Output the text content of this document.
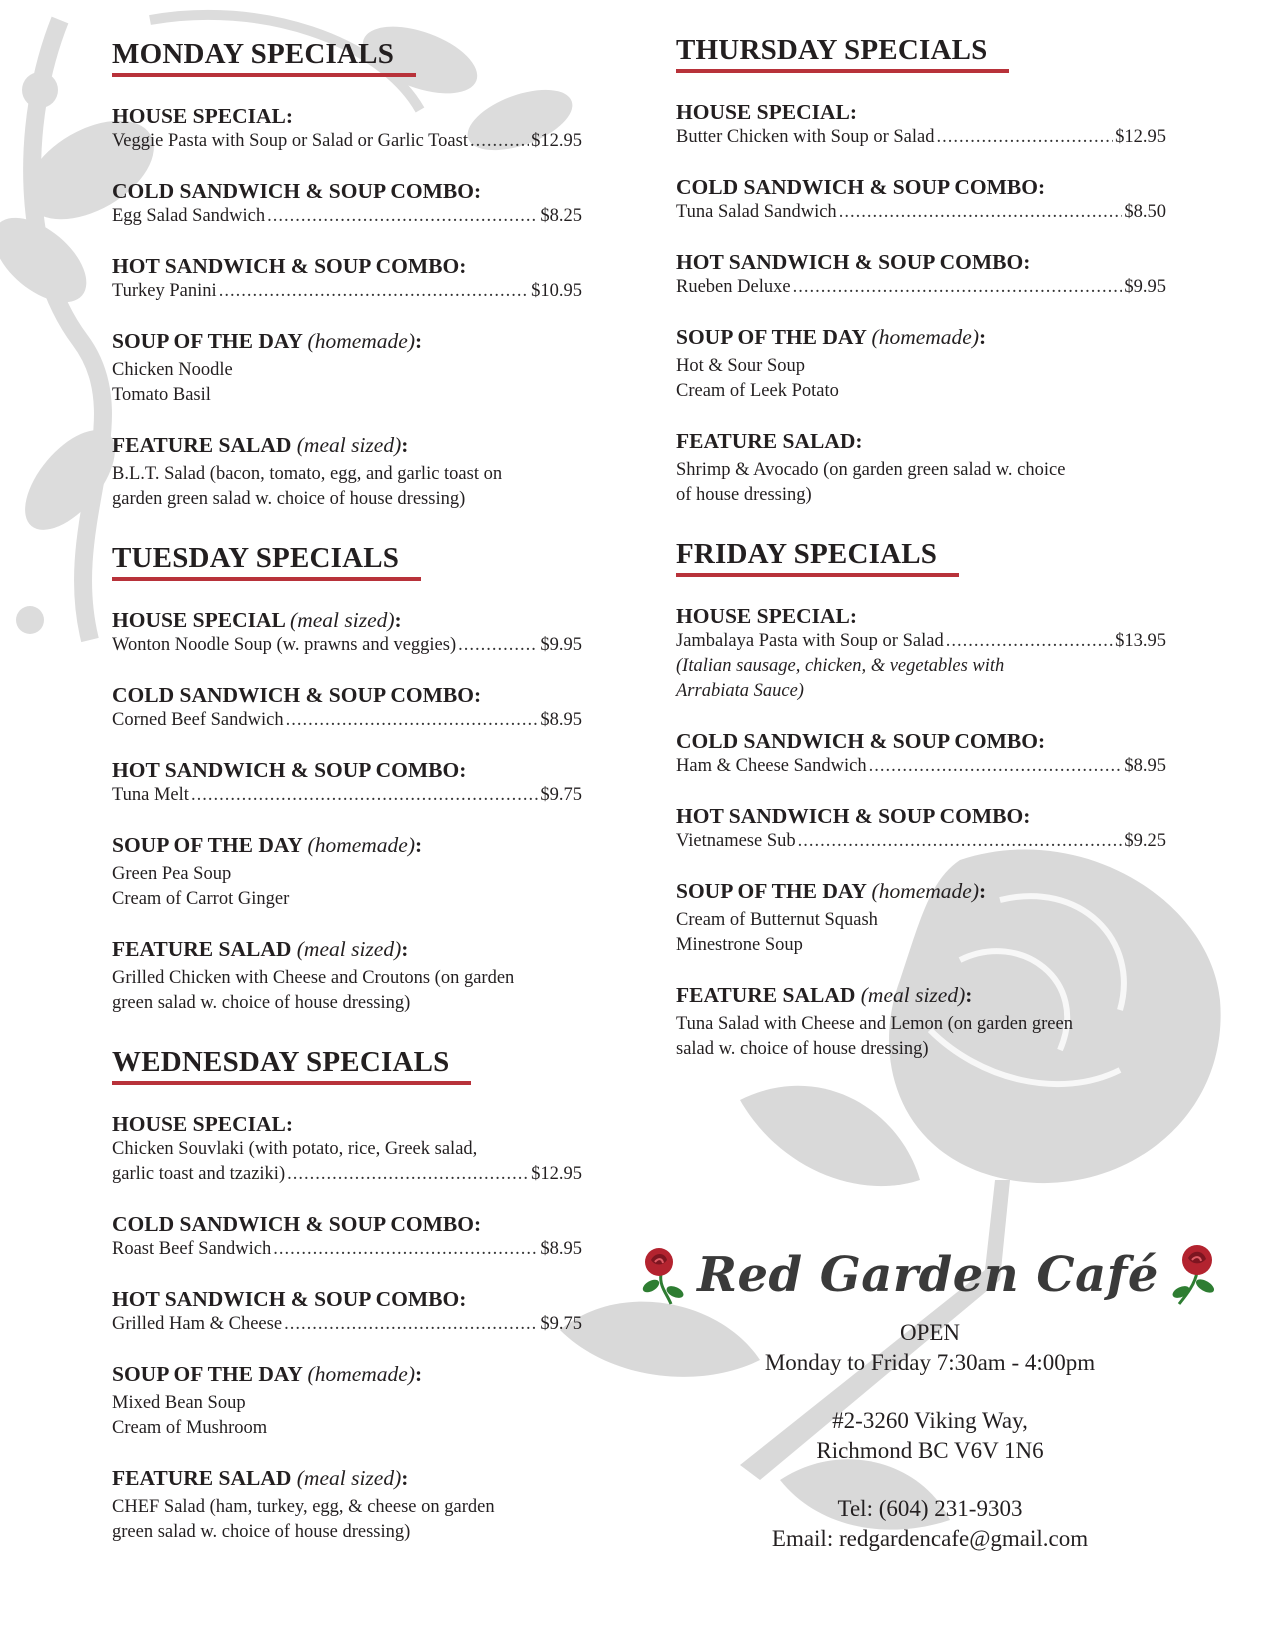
MONDAY SPECIALS
HOUSE SPECIAL:
Veggie Pasta with Soup or Salad or Garlic Toast .....	$12.95
COLD SANDWICH & SOUP COMBO:
Egg Salad Sandwich .....	$8.25
HOT SANDWICH & SOUP COMBO:
Turkey Panini .....	$10.95
SOUP OF THE DAY (homemade):
Chicken Noodle
Tomato Basil
FEATURE SALAD (meal sized):
B.L.T. Salad (bacon, tomato, egg, and garlic toast on
garden green salad w. choice of house dressing)
TUESDAY SPECIALS
HOUSE SPECIAL (meal sized):
Wonton Noodle Soup (w. prawns and veggies) .....	$9.95
COLD SANDWICH & SOUP COMBO:
Corned Beef Sandwich .....	$8.95
HOT SANDWICH & SOUP COMBO:
Tuna Melt .....	$9.75
SOUP OF THE DAY (homemade):
Green Pea Soup
Cream of Carrot Ginger
FEATURE SALAD (meal sized):
Grilled Chicken with Cheese and Croutons (on garden
green salad w. choice of house dressing)
WEDNESDAY SPECIALS
HOUSE SPECIAL:
Chicken Souvlaki (with potato, rice, Greek salad,
garlic toast and tzaziki) .....	$12.95
COLD SANDWICH & SOUP COMBO:
Roast Beef Sandwich .....	$8.95
HOT SANDWICH & SOUP COMBO:
Grilled Ham & Cheese .....	$9.75
SOUP OF THE DAY (homemade):
Mixed Bean Soup
Cream of Mushroom
FEATURE SALAD (meal sized):
CHEF Salad (ham, turkey, egg, & cheese on garden
green salad w. choice of house dressing)
THURSDAY SPECIALS
HOUSE SPECIAL:
Butter Chicken with Soup or Salad .....	$12.95
COLD SANDWICH & SOUP COMBO:
Tuna Salad Sandwich .....	$8.50
HOT SANDWICH & SOUP COMBO:
Rueben Deluxe .....	$9.95
SOUP OF THE DAY (homemade):
Hot & Sour Soup
Cream of Leek Potato
FEATURE SALAD:
Shrimp & Avocado (on garden green salad w. choice
of house dressing)
FRIDAY SPECIALS
HOUSE SPECIAL:
Jambalaya Pasta with Soup or Salad .....	$13.95
(Italian sausage, chicken, & vegetables with
Arrabiata Sauce)
COLD SANDWICH & SOUP COMBO:
Ham & Cheese Sandwich .....	$8.95
HOT SANDWICH & SOUP COMBO:
Vietnamese Sub .....	$9.25
SOUP OF THE DAY (homemade):
Cream of Butternut Squash
Minestrone Soup
FEATURE SALAD (meal sized):
Tuna Salad with Cheese and Lemon (on garden green
salad w. choice of house dressing)
Red Garden Café
OPEN
Monday to Friday 7:30am - 4:00pm
#2-3260 Viking Way,
Richmond BC V6V 1N6
Tel: (604) 231-9303
Email: redgardencafe@gmail.com
